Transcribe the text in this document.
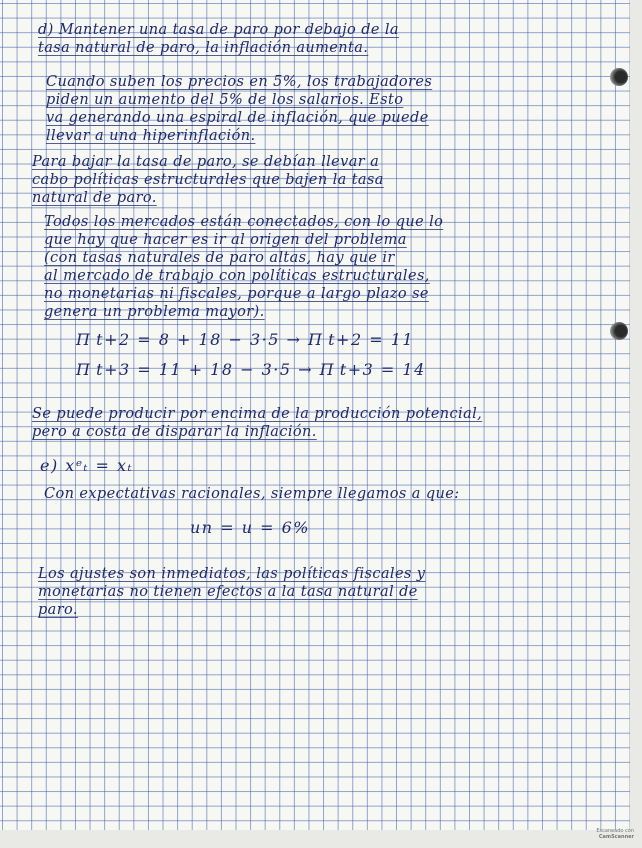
d) Mantener una tasa de paro por debajo de la
tasa natural de paro, la inflación aumenta.
Cuando suben los precios en 5%, los trabajadores
piden un aumento del 5% de los salarios. Esto
va generando una espiral de inflación, que puede
llevar a una hiperinflación.
Para bajar la tasa de paro, se debían llevar a
cabo políticas estructurales que bajen la tasa
natural de paro.
Todos los mercados están conectados, con lo que lo
que hay que hacer es ir al origen del problema
(con tasas naturales de paro altas, hay que ir
al mercado de trabajo con políticas estructurales,
no monetarias ni fiscales, porque a largo plazo se
genera un problema mayor).
Π t+2 = 8 + 18 − 3·5 → Π t+2 = 11
Π t+3 = 11 + 18 − 3·5 → Π t+3 = 14
Se puede producir por encima de la producción potencial,
pero a costa de disparar la inflación.
e) xᵉₜ = xₜ
Con expectativas racionales, siempre llegamos a que:
un = u = 6%
Los ajustes son inmediatos, las políticas fiscales y
monetarias no tienen efectos a la tasa natural de
paro.
Escaneado con
CamScanner
